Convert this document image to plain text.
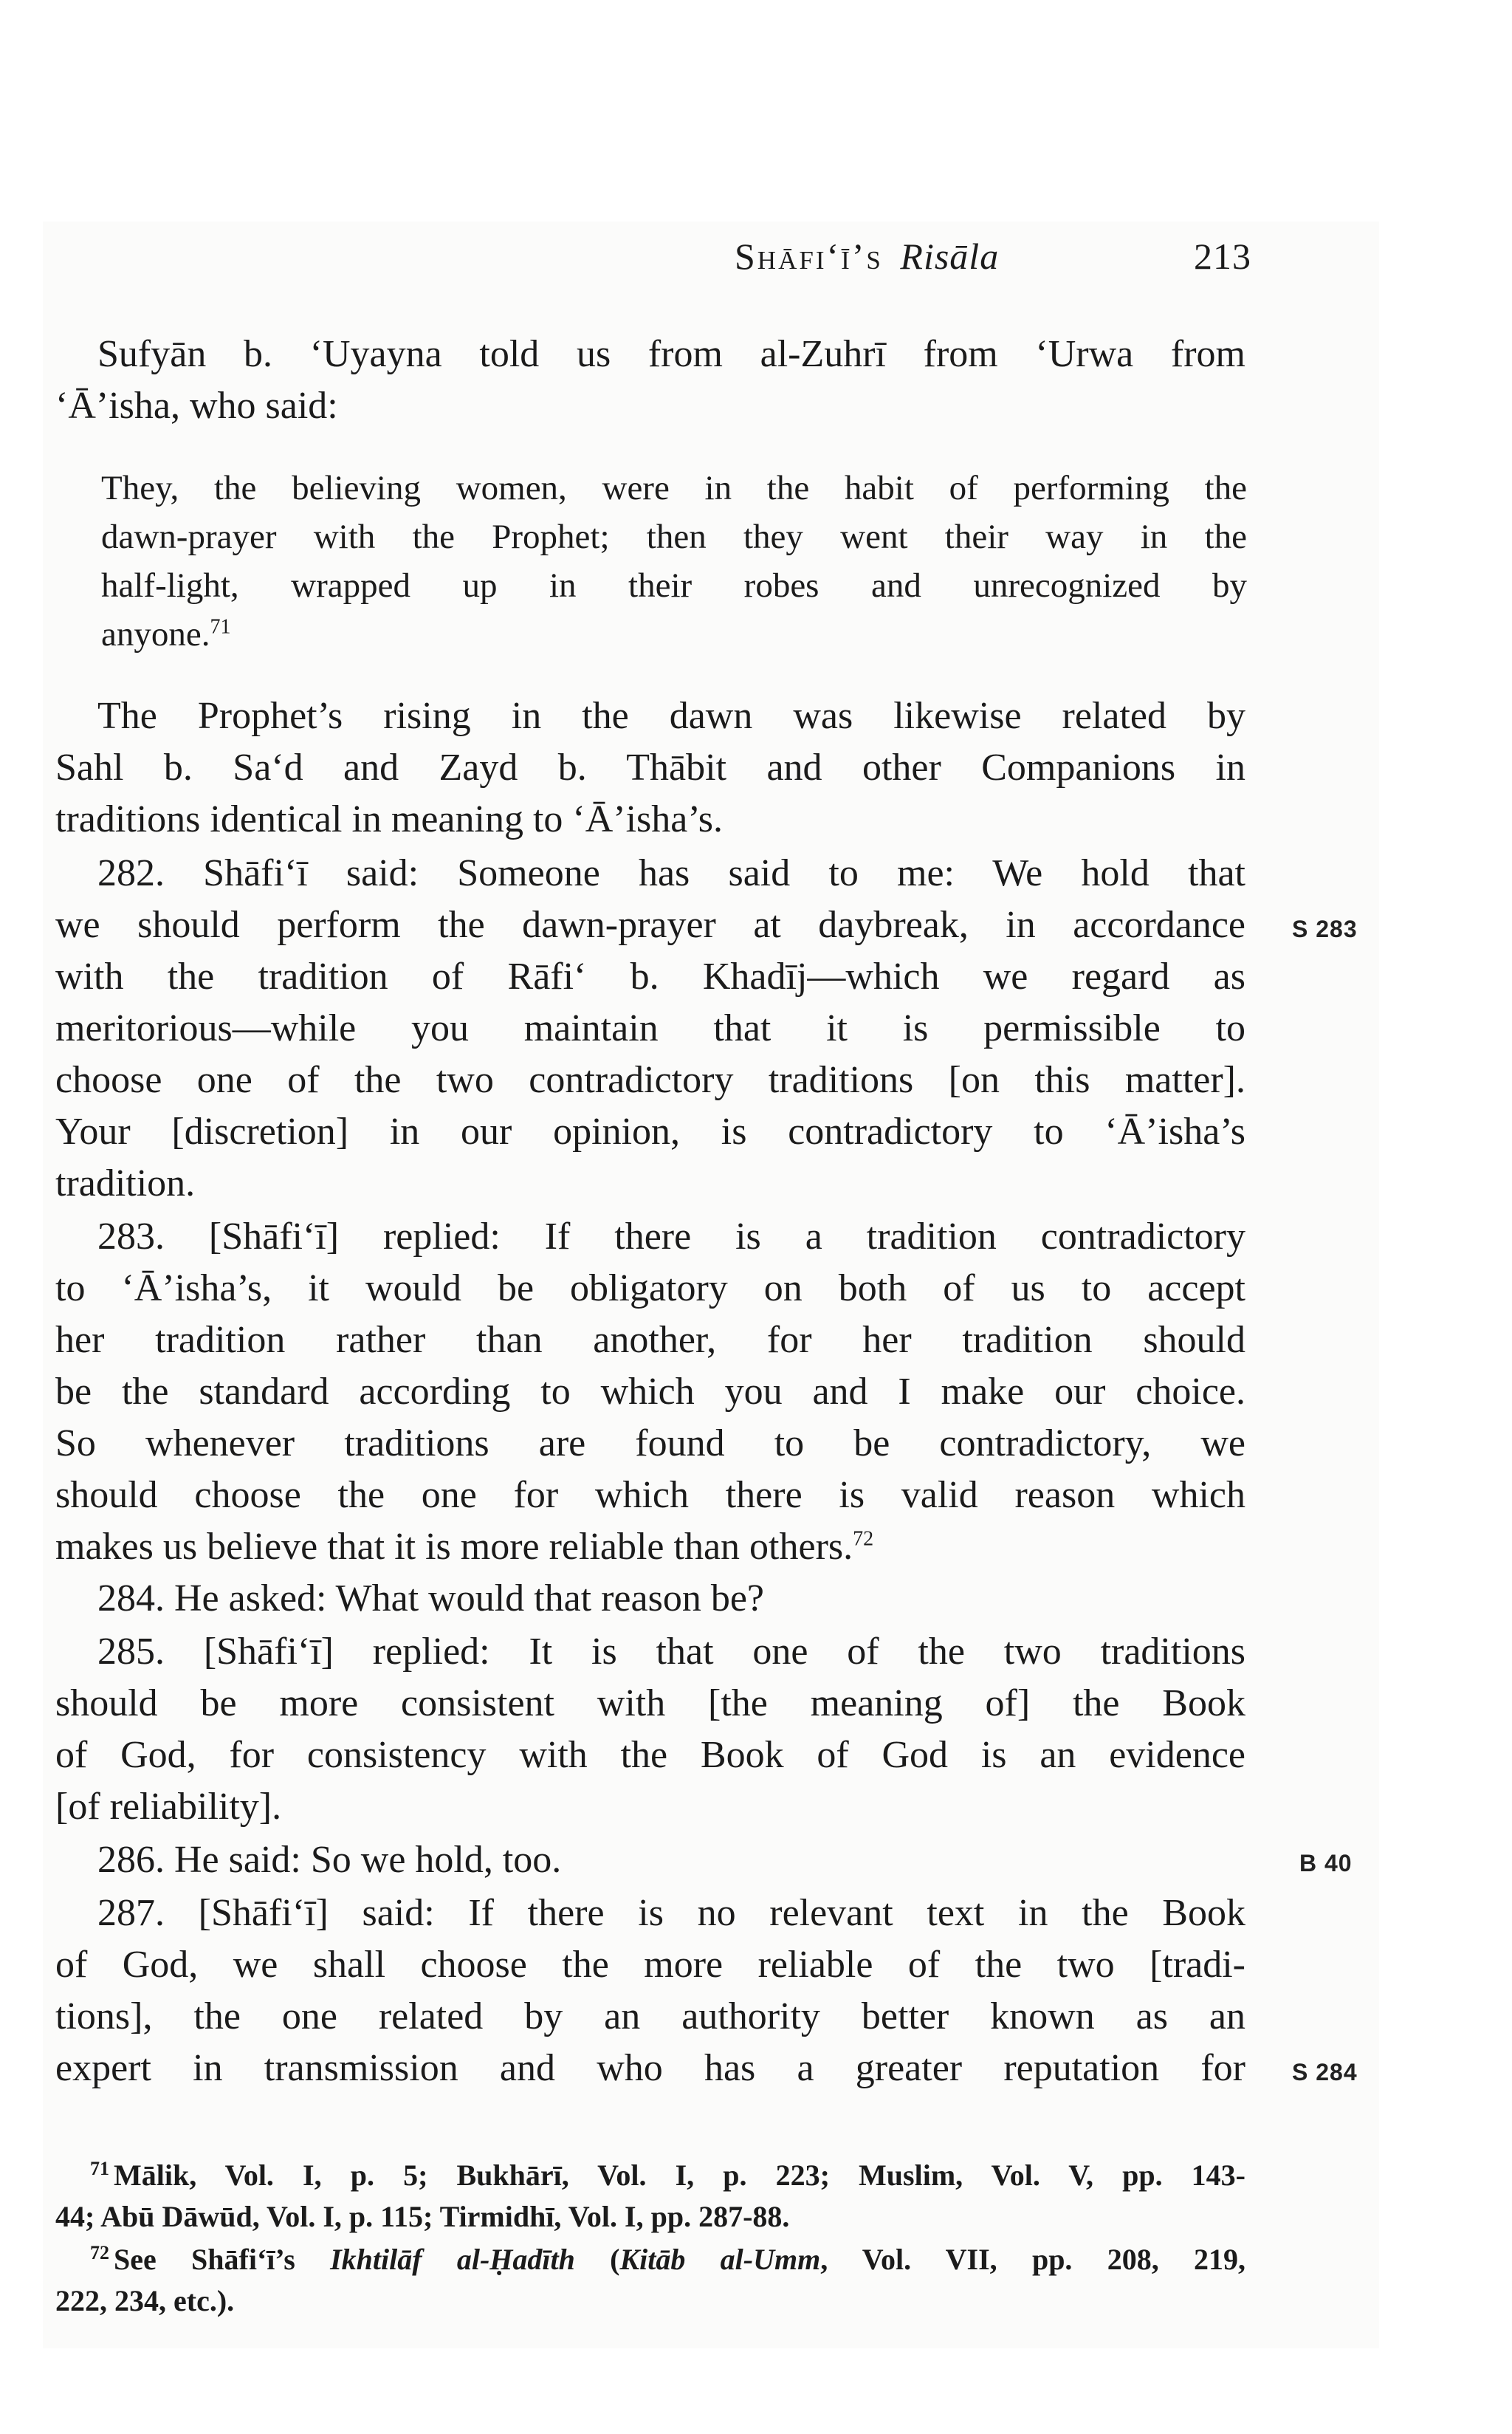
Shāfi‘ī’s Risāla	213
Sufyān b. ‘Uyayna told us from al-Zuhrī from ‘Urwa from
‘Ā’isha, who said:
They, the believing women, were in the habit of performing the
dawn-prayer with the Prophet; then they went their way in the
half-light, wrapped up in their robes and unrecognized by
anyone.$^{71}$
The Prophet’s rising in the dawn was likewise related by
Sahl b. Sa‘d and Zayd b. Thābit and other Companions in
traditions identical in meaning to ‘Ā’isha’s.
282. Shāfi‘ī said: Someone has said to me: We hold that
we should perform the dawn-prayer at daybreak, in accordance
with the tradition of Rāfi‘ b. Khadīj—which we regard as
meritorious—while you maintain that it is permissible to
choose one of the two contradictory traditions [on this matter].
Your [discretion] in our opinion, is contradictory to ‘Ā’isha’s
tradition.
283. [Shāfi‘ī] replied: If there is a tradition contradictory
to ‘Ā’isha’s, it would be obligatory on both of us to accept
her tradition rather than another, for her tradition should
be the standard according to which you and I make our choice.
So whenever traditions are found to be contradictory, we
should choose the one for which there is valid reason which
makes us believe that it is more reliable than others.$^{72}$
284. He asked: What would that reason be?
285. [Shāfi‘ī] replied: It is that one of the two traditions
should be more consistent with [the meaning of] the Book
of God, for consistency with the Book of God is an evidence
[of reliability].
286. He said: So we hold, too.
287. [Shāfi‘ī] said: If there is no relevant text in the Book
of God, we shall choose the more reliable of the two [tradi-
tions], the one related by an authority better known as an
expert in transmission and who has a greater reputation for
S 283
B 40
S 284
$^{71}$ Mālik, Vol. I, p. 5; Bukhārī, Vol. I, p. 223; Muslim, Vol. V, pp. 143-
44; Abū Dāwūd, Vol. I, p. 115; Tirmidhī, Vol. I, pp. 287-88.
$^{72}$ See Shāfi‘ī’s Ikhtilāf al-Ḥadīth (Kitāb al-Umm, Vol. VII, pp. 208, 219,
222, 234, etc.).
